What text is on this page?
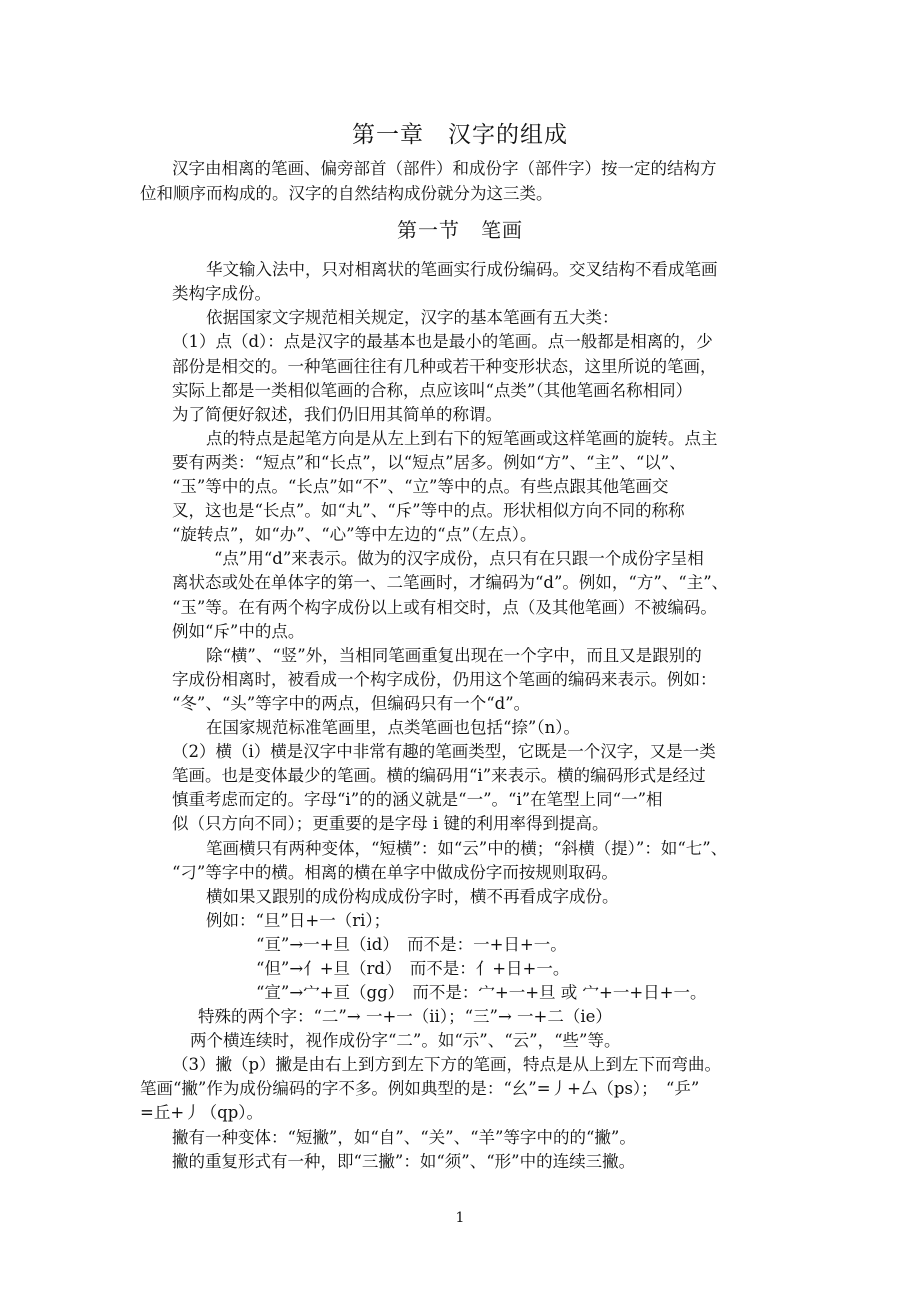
第一章　汉字的组成
汉字由相离的笔画、偏旁部首（部件）和成份字（部件字）按一定的结构方
位和顺序而构成的。汉字的自然结构成份就分为这三类。
第一节　笔画
华文输入法中，只对相离状的笔画实行成份编码。交叉结构不看成笔画
类构字成份。
依据国家文字规范相关规定，汉字的基本笔画有五大类：
（1）点（d）：点是汉字的最基本也是最小的笔画。点一般都是相离的，少
部份是相交的。一种笔画往往有几种或若干种变形状态，这里所说的笔画，
实际上都是一类相似笔画的合称，点应该叫“点类”（其他笔画名称相同）
为了简便好叙述，我们仍旧用其简单的称谓。
点的特点是起笔方向是从左上到右下的短笔画或这样笔画的旋转。点主
要有两类：“短点”和“长点”，以“短点”居多。例如“方”、“主”、“以”、
“玉”等中的点。“长点”如“不”、“立”等中的点。有些点跟其他笔画交
叉，这也是“长点”。如“丸”、“斥”等中的点。形状相似方向不同的称称
“旋转点”，如“办”、“心”等中左边的“点”（左点）。
“点”用“d”来表示。做为的汉字成份，点只有在只跟一个成份字呈相
离状态或处在单体字的第一、二笔画时，才编码为“d”。例如，“方”、“主”、
“玉”等。在有两个构字成份以上或有相交时，点（及其他笔画）不被编码。
例如“斥”中的点。
除“横”、“竖”外，当相同笔画重复出现在一个字中，而且又是跟别的
字成份相离时，被看成一个构字成份，仍用这个笔画的编码来表示。例如：
“冬”、“头”等字中的两点，但编码只有一个“d”。
在国家规范标准笔画里，点类笔画也包括“捺”（n）。
（2）横（i）横是汉字中非常有趣的笔画类型，它既是一个汉字，又是一类
笔画。也是变体最少的笔画。横的编码用“i”来表示。横的编码形式是经过
慎重考虑而定的。字母“i”的的涵义就是“一”。“i”在笔型上同“一”相
似（只方向不同）；更重要的是字母 i 键的利用率得到提高。
笔画横只有两种变体，“短横”：如“云”中的横；“斜横（提）”：如“七”、
“刁”等字中的横。相离的横在单字中做成份字而按规则取码。
横如果又跟别的成份构成成份字时，横不再看成字成份。
例如：“旦”日+一（ri）；
“亘”→一+旦（id）　而不是：一+日+一。
“但”→亻+旦（rd）　而不是：亻+日+一。
“宣”→宀+亘（gg）　而不是：宀+一+旦 或 宀+一+日+一。
特殊的两个字：“二”→ 一+一（ii）；“三”→ 一+二（ie）
两个横连续时，视作成份字“二”。如“示”、“云”，“些”等。
（3）撇（p）撇是由右上到方到左下方的笔画，特点是从上到左下而弯曲。
笔画“撇”作为成份编码的字不多。例如典型的是：“幺”=丿+厶（ps）；　“乒”
=丘+丿（qp）。
撇有一种变体：“短撇”，如“自”、“关”、“羊”等字中的的“撇”。
撇的重复形式有一种，即“三撇”：如“须”、“形”中的连续三撇。
1
